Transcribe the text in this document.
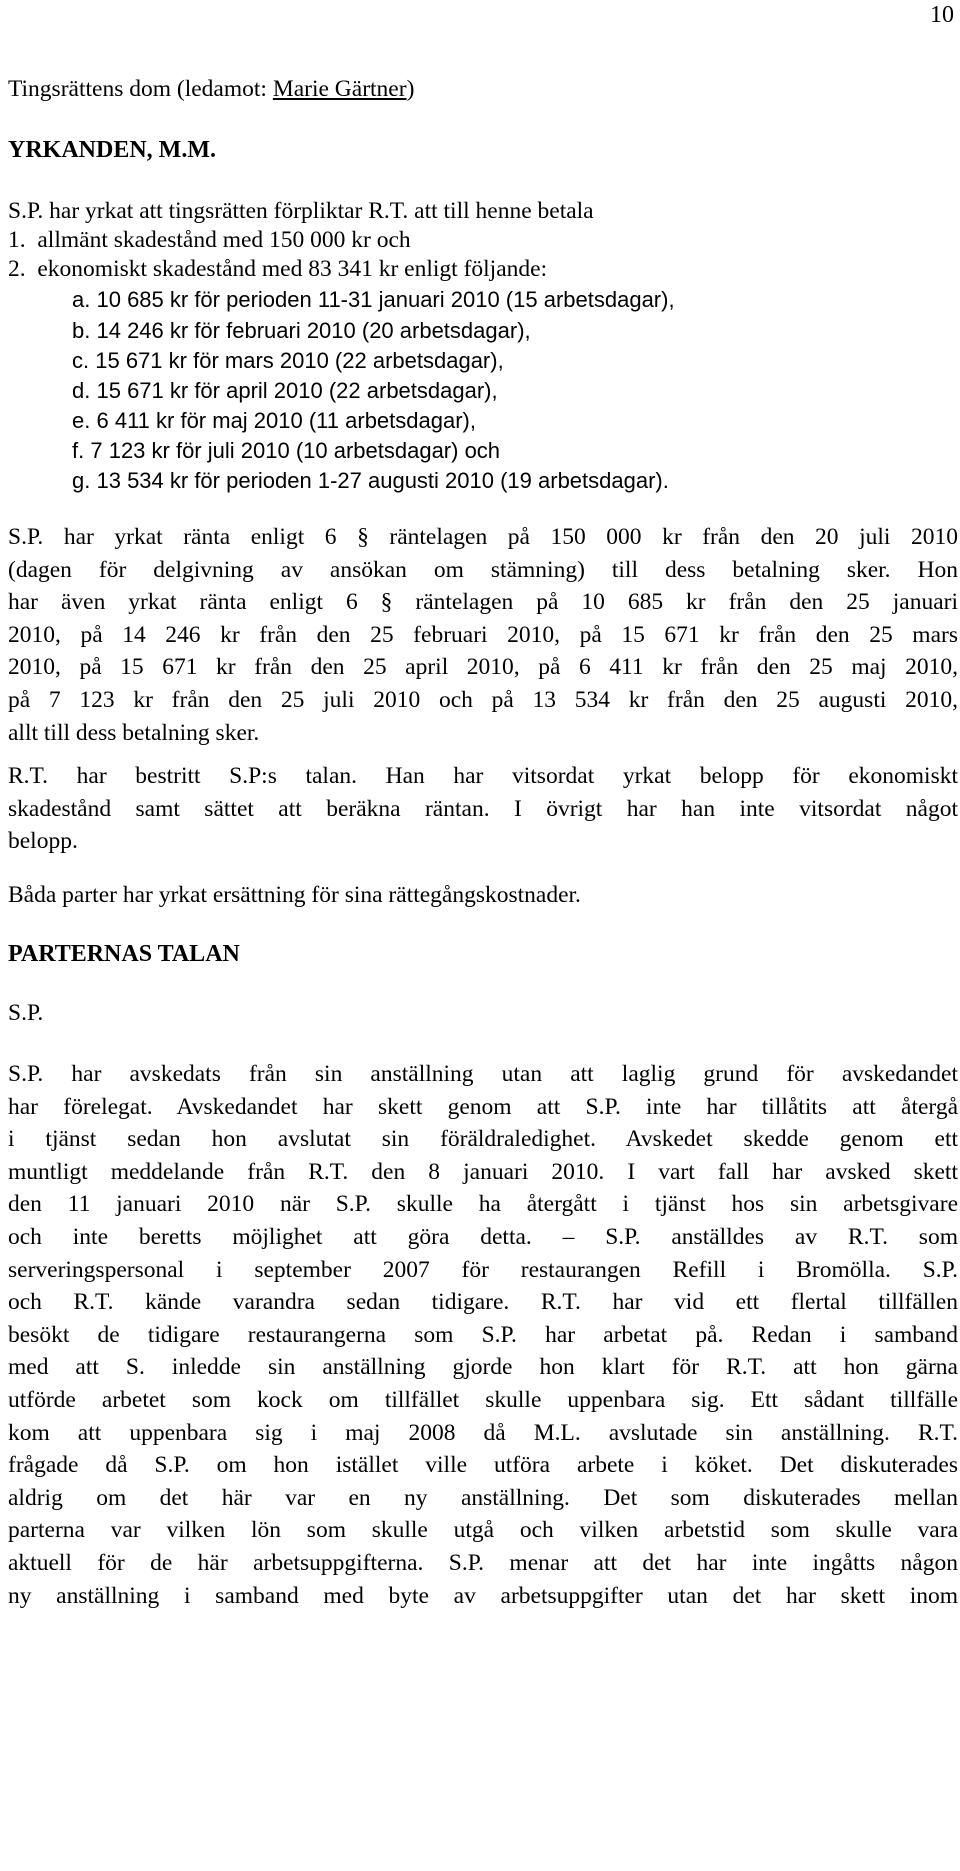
10
Tingsrättens dom (ledamot: Marie Gärtner)
YRKANDEN, M.M.
S.P. har yrkat att tingsrätten förpliktar R.T. att till henne betala
1. allmänt skadestånd med 150 000 kr och
2. ekonomiskt skadestånd med 83 341 kr enligt följande:
a. 10 685 kr för perioden 11-31 januari 2010 (15 arbetsdagar),
b. 14 246 kr för februari 2010 (20 arbetsdagar),
c. 15 671 kr för mars 2010 (22 arbetsdagar),
d. 15 671 kr för april 2010 (22 arbetsdagar),
e. 6 411 kr för maj 2010 (11 arbetsdagar),
f. 7 123 kr för juli 2010 (10 arbetsdagar) och
g. 13 534 kr för perioden 1-27 augusti 2010 (19 arbetsdagar).
S.P. har yrkat ränta enligt 6 § räntelagen på 150 000 kr från den 20 juli 2010
(dagen för delgivning av ansökan om stämning) till dess betalning sker. Hon
har även yrkat ränta enligt 6 § räntelagen på 10 685 kr från den 25 januari
2010, på 14 246 kr från den 25 februari 2010, på 15 671 kr från den 25 mars
2010, på 15 671 kr från den 25 april 2010, på 6 411 kr från den 25 maj 2010,
på 7 123 kr från den 25 juli 2010 och på 13 534 kr från den 25 augusti 2010,
allt till dess betalning sker.
R.T. har bestritt S.P:s talan. Han har vitsordat yrkat belopp för ekonomiskt
skadestånd samt sättet att beräkna räntan. I övrigt har han inte vitsordat något
belopp.
Båda parter har yrkat ersättning för sina rättegångskostnader.
PARTERNAS TALAN
S.P.
S.P. har avskedats från sin anställning utan att laglig grund för avskedandet
har förelegat. Avskedandet har skett genom att S.P. inte har tillåtits att återgå
i tjänst sedan hon avslutat sin föräldraledighet. Avskedet skedde genom ett
muntligt meddelande från R.T. den 8 januari 2010. I vart fall har avsked skett
den 11 januari 2010 när S.P. skulle ha återgått i tjänst hos sin arbetsgivare
och inte beretts möjlighet att göra detta. – S.P. anställdes av R.T. som
serveringspersonal i september 2007 för restaurangen Refill i Bromölla. S.P.
och R.T. kände varandra sedan tidigare. R.T. har vid ett flertal tillfällen
besökt de tidigare restaurangerna som S.P. har arbetat på. Redan i samband
med att S. inledde sin anställning gjorde hon klart för R.T. att hon gärna
utförde arbetet som kock om tillfället skulle uppenbara sig. Ett sådant tillfälle
kom att uppenbara sig i maj 2008 då M.L. avslutade sin anställning. R.T.
frågade då S.P. om hon istället ville utföra arbete i köket. Det diskuterades
aldrig om det här var en ny anställning. Det som diskuterades mellan
parterna var vilken lön som skulle utgå och vilken arbetstid som skulle vara
aktuell för de här arbetsuppgifterna. S.P. menar att det har inte ingåtts någon
ny anställning i samband med byte av arbetsuppgifter utan det har skett inom
